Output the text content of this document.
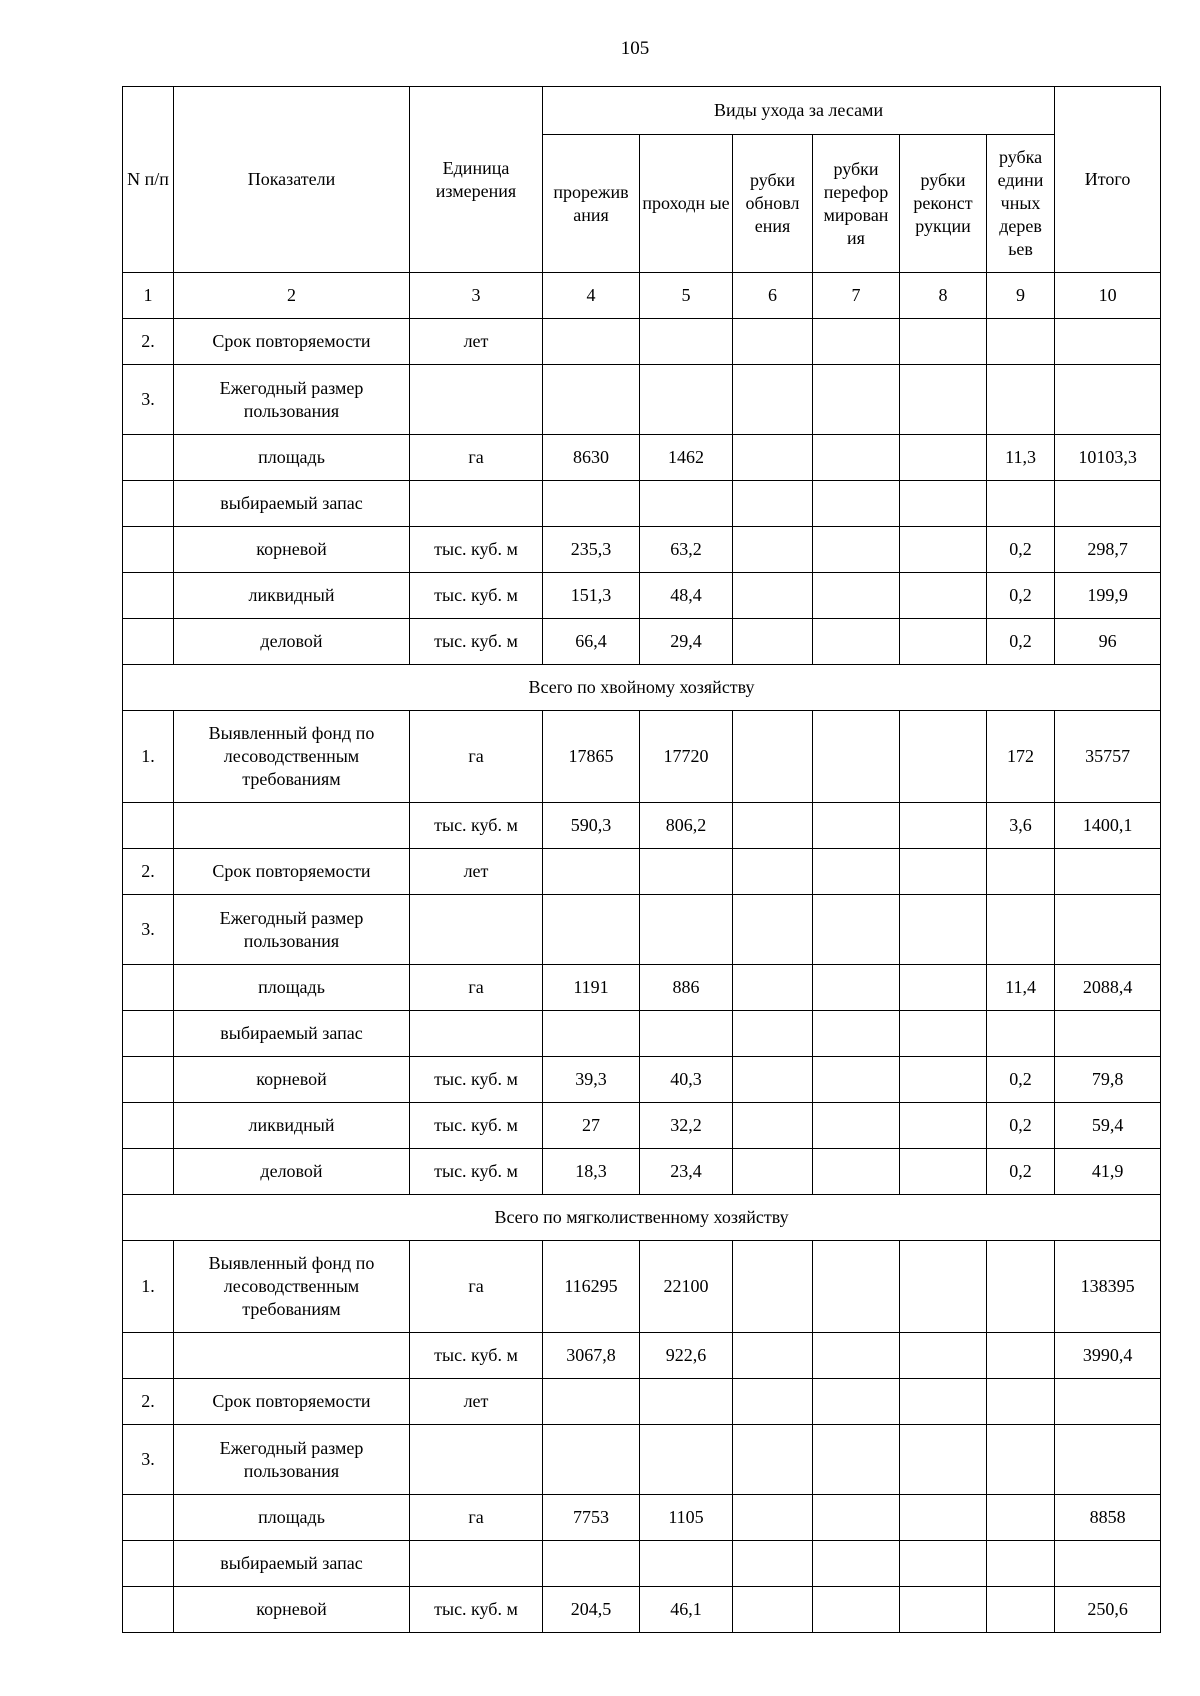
105
N п/п	Показатели	Единица измерения	Виды ухода за лесами						Итого
			прорежив ания	проходн ые	рубки обновл ения	рубки перефор мирован ия	рубки реконст рукции	рубка едини чных дерев ьев	
1	2	3	4	5	6	7	8	9	10
2.	Срок повторяемости	лет							
3.	Ежегодный размер пользования								
	площадь	га	8630	1462				11,3	10103,3
	выбираемый запас								
	корневой	тыс. куб. м	235,3	63,2				0,2	298,7
	ликвидный	тыс. куб. м	151,3	48,4				0,2	199,9
	деловой	тыс. куб. м	66,4	29,4				0,2	96
Всего по хвойному хозяйству									
1.	Выявленный фонд по лесоводственным требованиям	га	17865	17720				172	35757
		тыс. куб. м	590,3	806,2				3,6	1400,1
2.	Срок повторяемости	лет							
3.	Ежегодный размер пользования								
	площадь	га	1191	886				11,4	2088,4
	выбираемый запас								
	корневой	тыс. куб. м	39,3	40,3				0,2	79,8
	ликвидный	тыс. куб. м	27	32,2				0,2	59,4
	деловой	тыс. куб. м	18,3	23,4				0,2	41,9
Всего по мягколиственному хозяйству									
1.	Выявленный фонд по лесоводственным требованиям	га	116295	22100					138395
		тыс. куб. м	3067,8	922,6					3990,4
2.	Срок повторяемости	лет							
3.	Ежегодный размер пользования								
	площадь	га	7753	1105					8858
	выбираемый запас								
	корневой	тыс. куб. м	204,5	46,1					250,6
